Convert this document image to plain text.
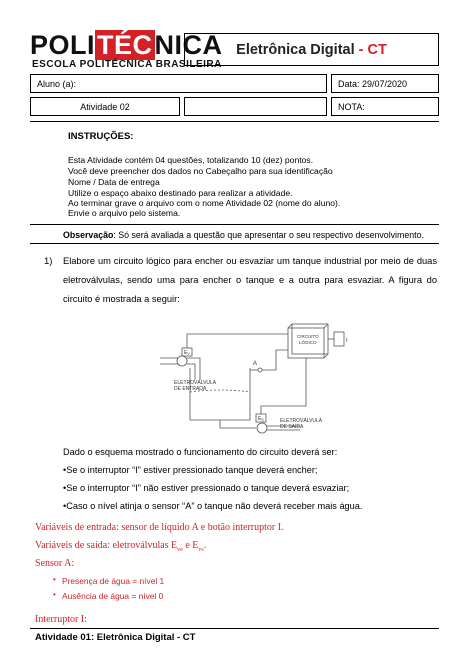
POLITÉCNICA
ESCOLA POLITÉCNICA BRASILEIRA
Eletrônica Digital - CT
Aluno (a):	Data: 29/07/2020
Atividade 02	NOTA:
INSTRUÇÕES:
Esta Atividade contém 04 questões, totalizando 10 (dez) pontos.
Você deve preencher dos dados no Cabeçalho para sua identificação
Nome / Data de entrega
Utilize o espaço abaixo destinado para realizar a atividade.
Ao terminar grave o arquivo com o nome Atividade 02 (nome do aluno).
Envie o arquivo pelo sistema.
Observação: Só será avaliada a questão que apresentar o seu respectivo desenvolvimento.
1) Elabore um circuito lógico para encher ou esvaziar um tanque industrial por meio de duas eletroválvulas, sendo uma para encher o tanque e a outra para esvaziar. A figura do circuito é mostrada a seguir:
ELETROVÁLVULA
DE ENTRADA
ELETROVÁLVULA
DE SAÍDA
CIRCUITO
LÓGICO
A
I
$E_V$
$E_S$
Dado o esquema mostrado o funcionamento do circuito deverá ser:
•Se o interruptor “I” estiver pressionado tanque deverá encher;
•Se o interruptor “I” não estiver pressionado o tanque deverá esvaziar;
•Caso o nível atinja o sensor “A” o tanque não deverá receber mais água.
Variáveis de entrada: sensor de líquido A e botão interruptor I.
Variáveis de saída: eletroválvulas $E_{ve}$ e $E_{vs}$.
Sensor A:
• Presença de água = nível 1
• Ausência de água = nível 0
Interruptor I:
Atividade 01: Eletrônica Digital - CT
